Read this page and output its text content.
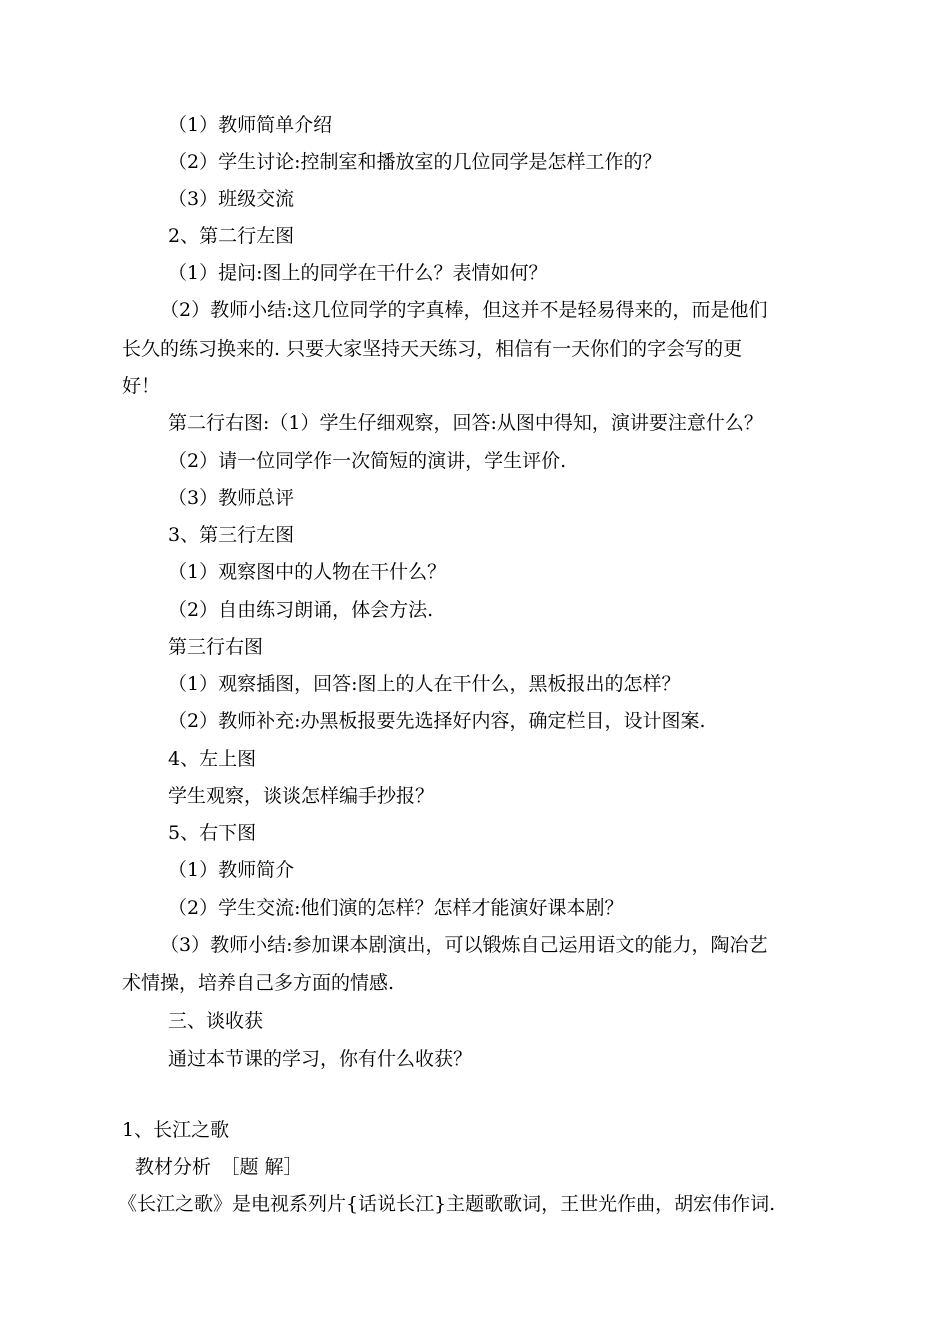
（1）教师简单介绍
（2）学生讨论:控制室和播放室的几位同学是怎样工作的？
（3）班级交流
2、第二行左图
（1）提问:图上的同学在干什么？表情如何？
（2）教师小结:这几位同学的字真棒，但这并不是轻易得来的，而是他们
长久的练习换来的. 只要大家坚持天天练习，相信有一天你们的字会写的更
好！
第二行右图:（1）学生仔细观察，回答:从图中得知，演讲要注意什么？
（2）请一位同学作一次简短的演讲，学生评价.
（3）教师总评
3、第三行左图
（1）观察图中的人物在干什么？
（2）自由练习朗诵，体会方法.
第三行右图
（1）观察插图，回答:图上的人在干什么，黑板报出的怎样？
（2）教师补充:办黑板报要先选择好内容，确定栏目，设计图案.
4、左上图
学生观察，谈谈怎样编手抄报？
5、右下图
（1）教师简介
（2）学生交流:他们演的怎样？怎样才能演好课本剧？
（3）教师小结:参加课本剧演出，可以锻炼自己运用语文的能力，陶冶艺
术情操，培养自己多方面的情感.
三、谈收获
通过本节课的学习，你有什么收获？
1、长江之歌
教材分析　［题 解］
《长江之歌》是电视系列片{话说长江}主题歌歌词，王世光作曲，胡宏伟作词.
